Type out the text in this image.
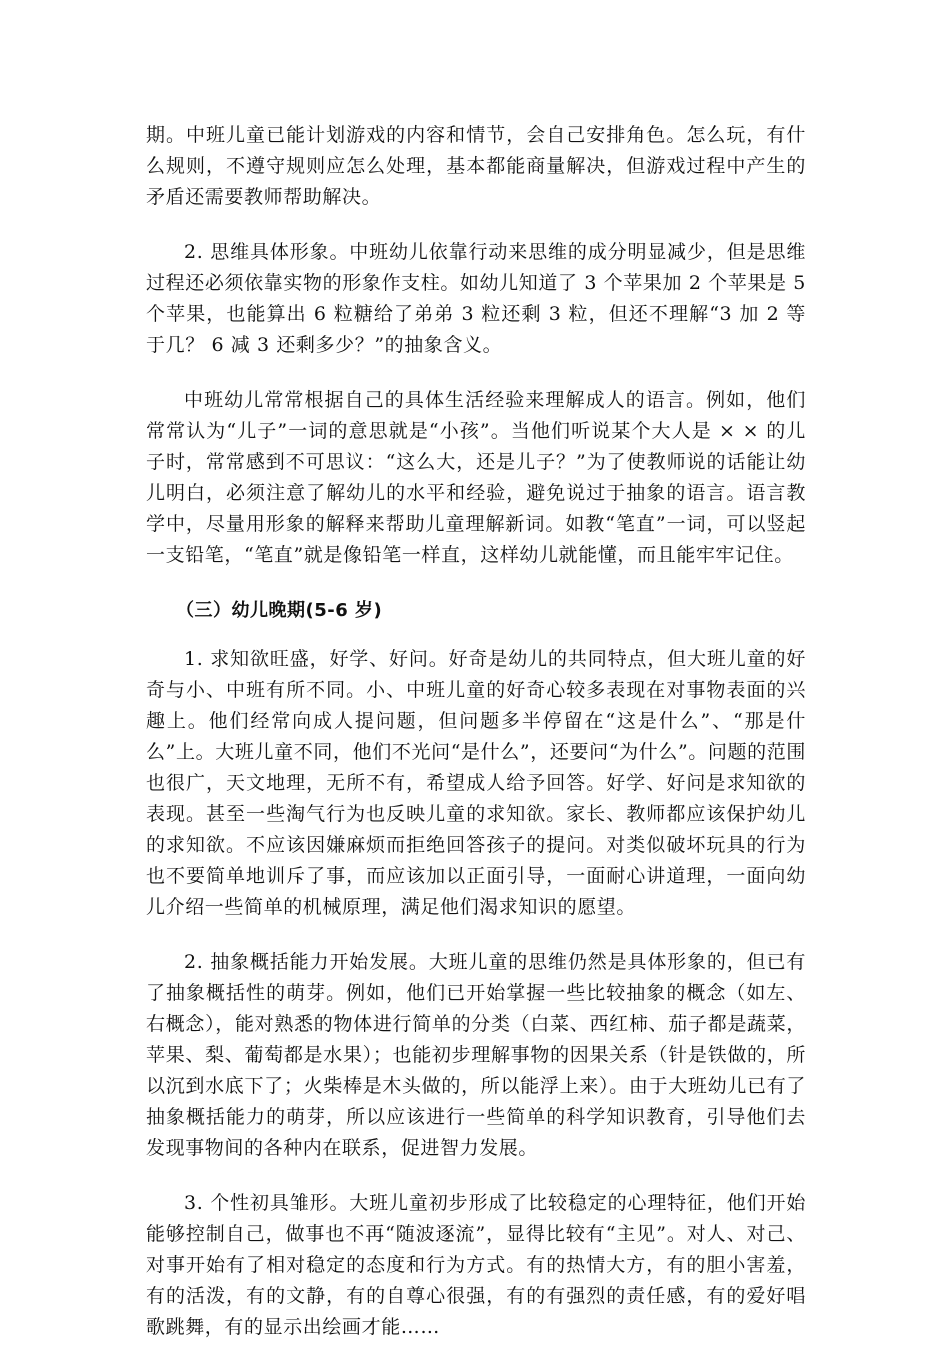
期。中班儿童已能计划游戏的内容和情节，会自己安排角色。怎么玩，有什么规则，不遵守规则应怎么处理，基本都能商量解决，但游戏过程中产生的矛盾还需要教师帮助解决。

2. 思维具体形象。中班幼儿依靠行动来思维的成分明显减少，但是思维过程还必须依靠实物的形象作支柱。如幼儿知道了 3 个苹果加 2 个苹果是 5 个苹果，也能算出 6 粒糖给了弟弟 3 粒还剩 3 粒，但还不理解“3 加 2 等于几？ 6 减 3 还剩多少？”的抽象含义。

中班幼儿常常根据自己的具体生活经验来理解成人的语言。例如，他们常常认为“儿子”一词的意思就是“小孩”。当他们听说某个大人是 × × 的儿子时，常常感到不可思议：“这么大，还是儿子？”为了使教师说的话能让幼儿明白，必须注意了解幼儿的水平和经验，避免说过于抽象的语言。语言教学中，尽量用形象的解释来帮助儿童理解新词。如教“笔直”一词，可以竖起一支铅笔，“笔直”就是像铅笔一样直，这样幼儿就能懂，而且能牢牢记住。

（三）幼儿晚期(5-6 岁)

1. 求知欲旺盛，好学、好问。好奇是幼儿的共同特点，但大班儿童的好奇与小、中班有所不同。小、中班儿童的好奇心较多表现在对事物表面的兴趣上。他们经常向成人提问题，但问题多半停留在“这是什么”、“那是什么”上。大班儿童不同，他们不光问“是什么”，还要问“为什么”。问题的范围也很广，天文地理，无所不有，希望成人给予回答。好学、好问是求知欲的表现。甚至一些淘气行为也反映儿童的求知欲。家长、教师都应该保护幼儿的求知欲。不应该因嫌麻烦而拒绝回答孩子的提问。对类似破坏玩具的行为也不要简单地训斥了事，而应该加以正面引导，一面耐心讲道理，一面向幼儿介绍一些简单的机械原理，满足他们渴求知识的愿望。

2. 抽象概括能力开始发展。大班儿童的思维仍然是具体形象的，但已有了抽象概括性的萌芽。例如，他们已开始掌握一些比较抽象的概念（如左、右概念），能对熟悉的物体进行简单的分类（白菜、西红柿、茄子都是蔬菜，苹果、梨、葡萄都是水果）；也能初步理解事物的因果关系（针是铁做的，所以沉到水底下了；火柴棒是木头做的，所以能浮上来）。由于大班幼儿已有了抽象概括能力的萌芽，所以应该进行一些简单的科学知识教育，引导他们去发现事物间的各种内在联系，促进智力发展。

3. 个性初具雏形。大班儿童初步形成了比较稳定的心理特征，他们开始能够控制自己，做事也不再“随波逐流”，显得比较有“主见”。对人、对己、对事开始有了相对稳定的态度和行为方式。有的热情大方，有的胆小害羞，有的活泼，有的文静，有的自尊心很强，有的有强烈的责任感，有的爱好唱歌跳舞，有的显示出绘画才能……
